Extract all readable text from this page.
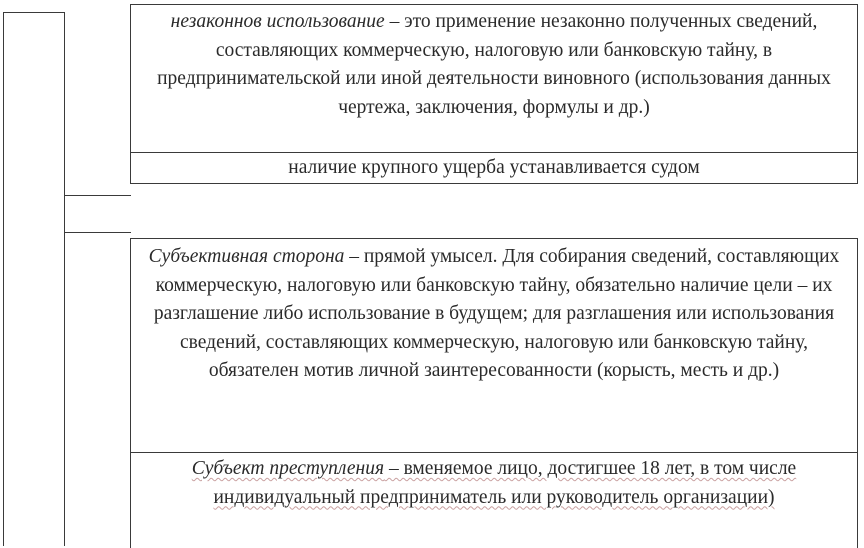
незаконнов использование – это применение незаконно полученных сведений, составляющих коммерческую, налоговую или банковскую тайну, в предпринимательской или иной деятельности виновного (использования данных чертежа, заключения, формулы и др.)

наличие крупного ущерба устанавливается судом

Субъективная сторона – прямой умысел. Для собирания сведений, составляющих коммерческую, налоговую или банковскую тайну, обязательно наличие цели – их разглашение либо использование в будущем; для разглашения или использования сведений, составляющих коммерческую, налоговую или банковскую тайну, обязателен мотив личной заинтересованности (корысть, месть и др.)

Субъект преступления – вменяемое лицо, достигшее 18 лет, в том числе индивидуальный предприниматель или руководитель организации)
